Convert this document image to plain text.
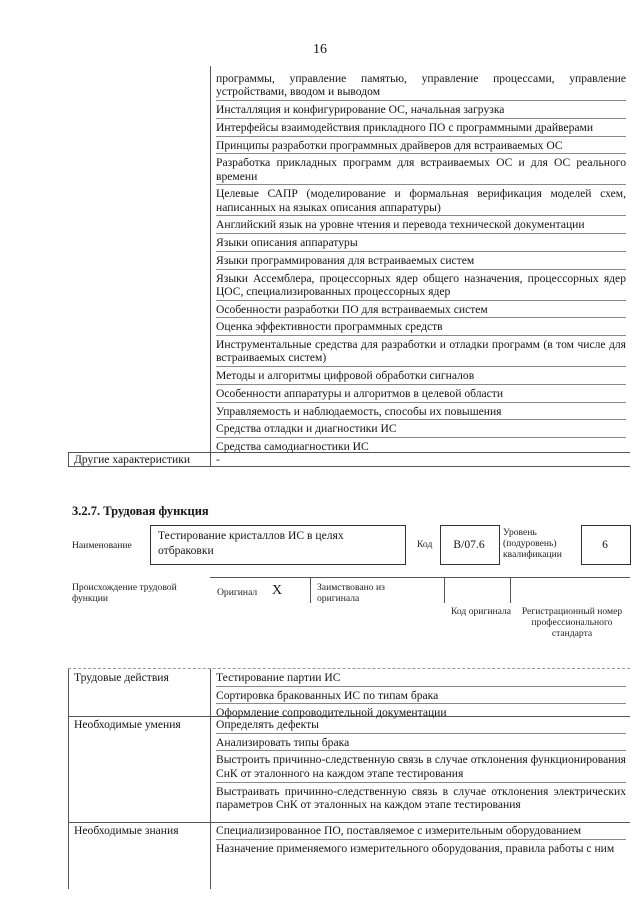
16
программы, управление памятью, управление процессами, управление устройствами, вводом и выводом
Инсталляция и конфигурирование ОС, начальная загрузка
Интерфейсы взаимодействия прикладного ПО с программными драйверами
Принципы разработки программных драйверов для встраиваемых ОС
Разработка прикладных программ для встраиваемых ОС и для ОС реального времени
Целевые САПР (моделирование и формальная верификация моделей схем, написанных на языках описания аппаратуры)
Английский язык на уровне чтения и перевода технической документации
Языки описания аппаратуры
Языки программирования для встраиваемых систем
Языки Ассемблера, процессорных ядер общего назначения, процессорных ядер ЦОС, специализированных процессорных ядер
Особенности разработки ПО для встраиваемых систем
Оценка эффективности программных средств
Инструментальные средства для разработки и отладки программ (в том числе для встраиваемых систем)
Методы и алгоритмы цифровой обработки сигналов
Особенности аппаратуры и алгоритмов в целевой области
Управляемость и наблюдаемость, способы их повышения
Средства отладки и диагностики ИС
Средства самодиагностики ИС
Другие характеристики -
3.2.7. Трудовая функция
Наименование
Тестирование кристаллов ИС в целях отбраковки	Код	B/07.6
Уровень (подуровень) квалификации
6
Происхождение трудовой функции
Оригинал X	Заимствовано из оригинала
Код оригинала	Регистрационный номер профессионального стандарта
Трудовые действия	Тестирование партии ИС
Сортировка бракованных ИС по типам брака
Оформление сопроводительной документации
Необходимые умения	Определять дефекты
Анализировать типы брака
Выстроить причинно-следственную связь в случае отклонения функционирования СнК от эталонного на каждом этапе тестирования
Выстраивать причинно-следственную связь в случае отклонения электрических параметров СнК от эталонных на каждом этапе тестирования
Необходимые знания	Специализированное ПО, поставляемое с измерительным оборудованием
Назначение применяемого измерительного оборудования, правила работы с ним
